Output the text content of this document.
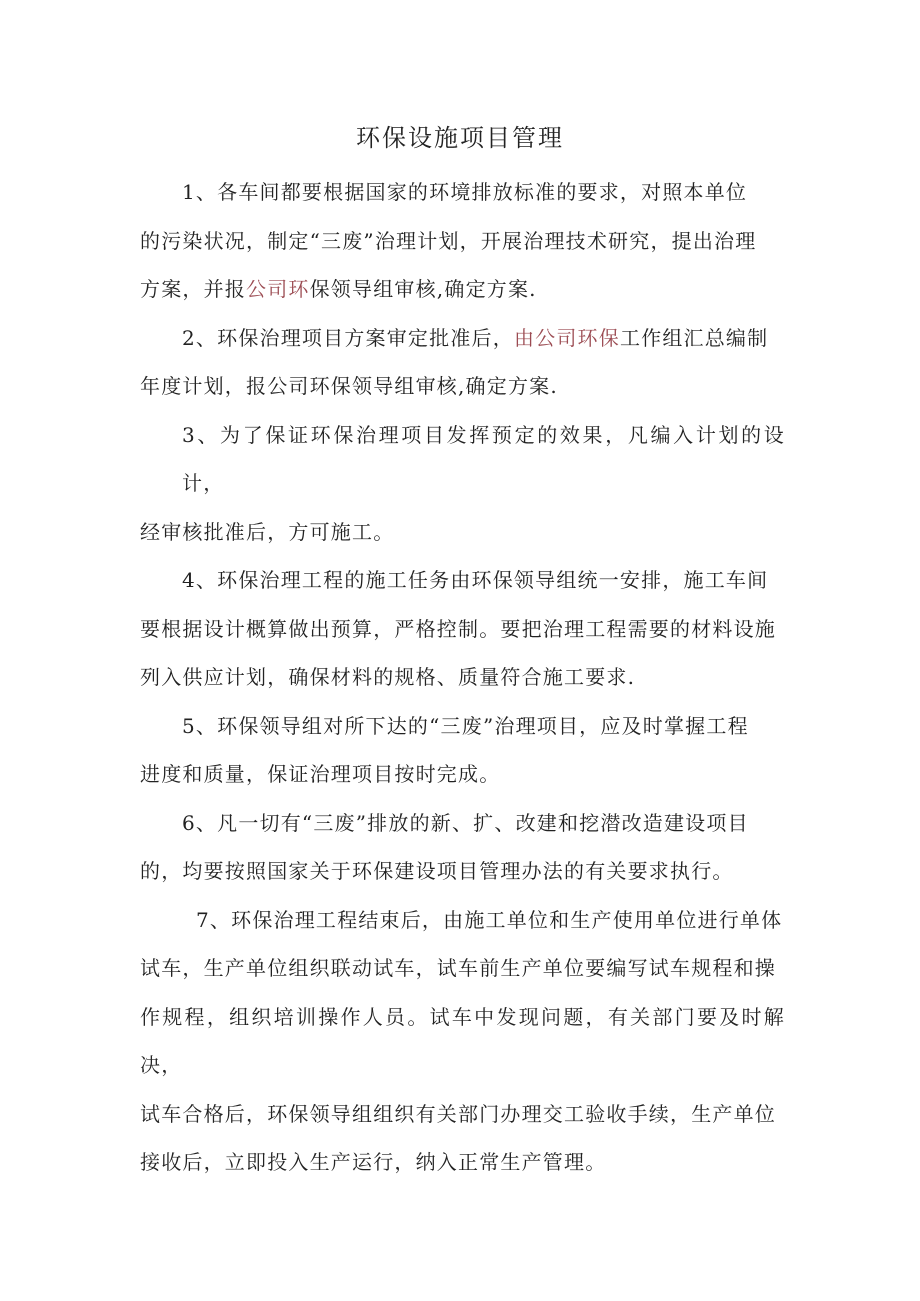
环保设施项目管理

1、各车间都要根据国家的环境排放标准的要求，对照本单位
的污染状况，制定“三废”治理计划，开展治理技术研究，提出治理
方案，并报公司环保领导组审核,确定方案.

2、环保治理项目方案审定批准后，由公司环保工作组汇总编制
年度计划，报公司环保领导组审核,确定方案.

3、为了保证环保治理项目发挥预定的效果，凡编入计划的设计，
经审核批准后，方可施工。

4、环保治理工程的施工任务由环保领导组统一安排，施工车间
要根据设计概算做出预算，严格控制。要把治理工程需要的材料设施
列入供应计划，确保材料的规格、质量符合施工要求.

5、环保领导组对所下达的“三废”治理项目，应及时掌握工程
进度和质量，保证治理项目按时完成。

6、凡一切有“三废”排放的新、扩、改建和挖潜改造建设项目
的，均要按照国家关于环保建设项目管理办法的有关要求执行。

7、环保治理工程结束后，由施工单位和生产使用单位进行单体
试车，生产单位组织联动试车，试车前生产单位要编写试车规程和操
作规程，组织培训操作人员。试车中发现问题，有关部门要及时解决，
试车合格后，环保领导组组织有关部门办理交工验收手续，生产单位
接收后，立即投入生产运行，纳入正常生产管理。
